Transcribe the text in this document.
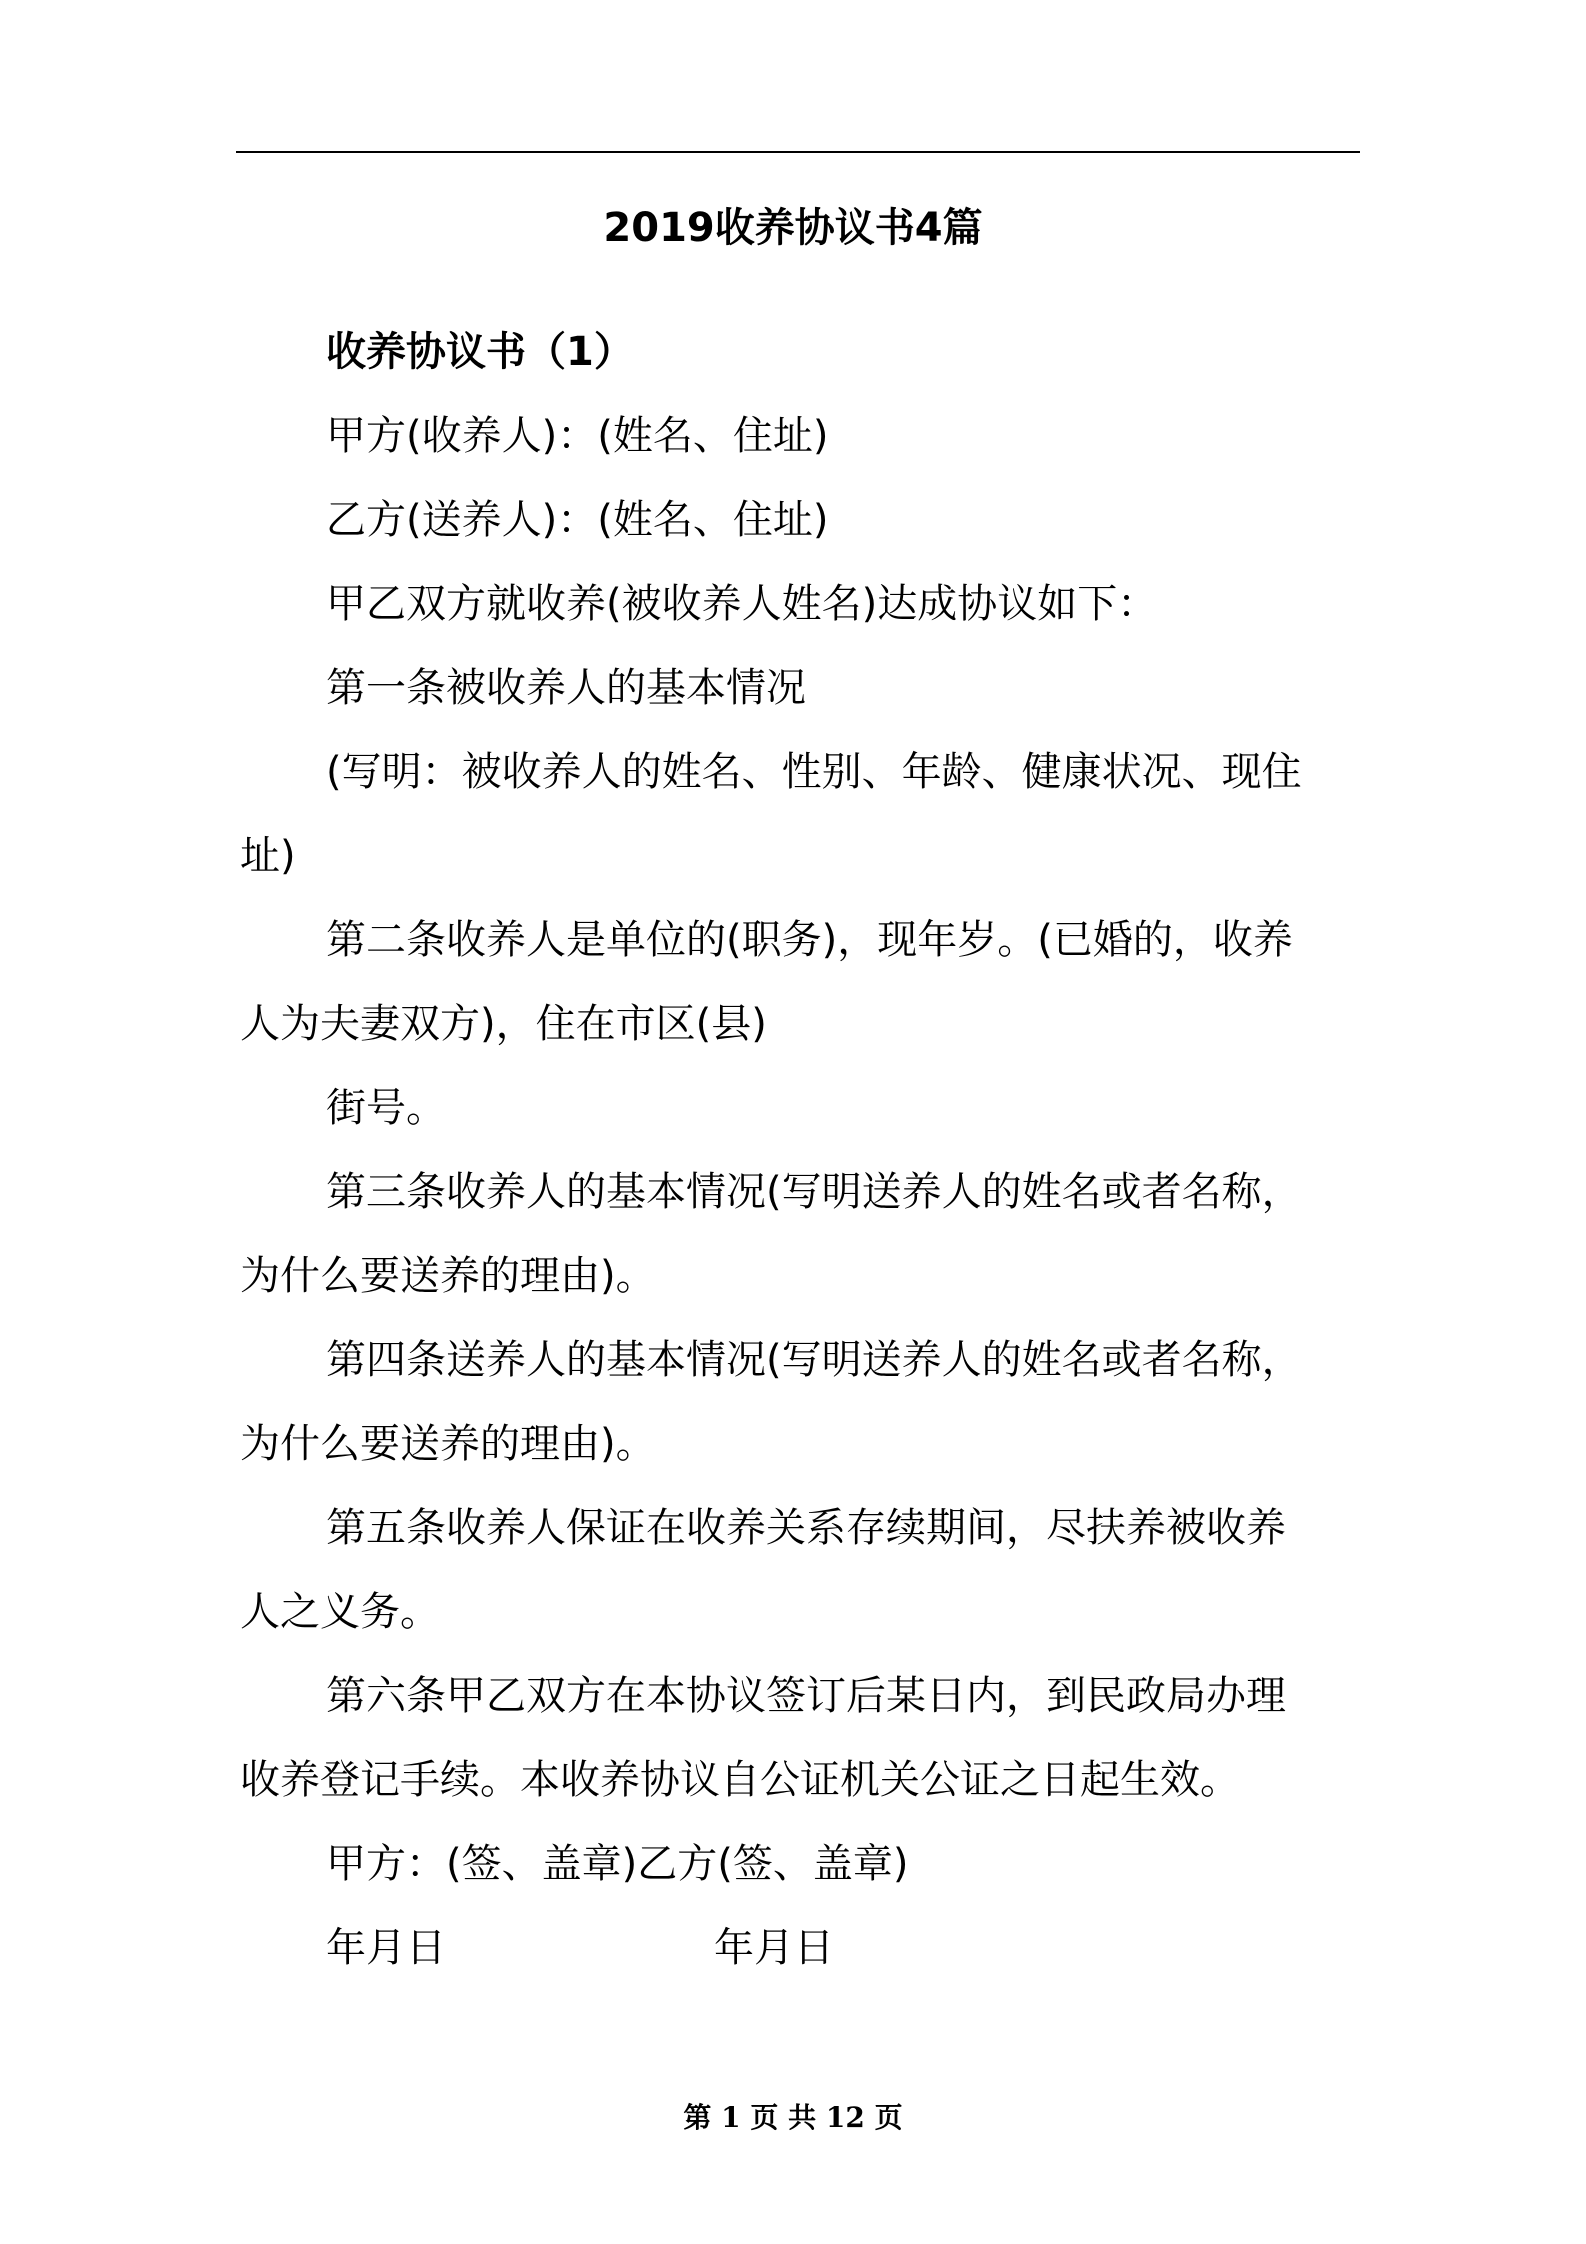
2019收养协议书4篇
收养协议书（1）
甲方(收养人)：(姓名、住址)
乙方(送养人)：(姓名、住址)
甲乙双方就收养(被收养人姓名)达成协议如下：
第一条被收养人的基本情况
(写明：被收养人的姓名、性别、年龄、健康状况、现住
址)
第二条收养人是单位的(职务)，现年岁。(已婚的，收养
人为夫妻双方)，住在市区(县)
街号。
第三条收养人的基本情况(写明送养人的姓名或者名称，
为什么要送养的理由)。
第四条送养人的基本情况(写明送养人的姓名或者名称，
为什么要送养的理由)。
第五条收养人保证在收养关系存续期间，尽扶养被收养
人之义务。
第六条甲乙双方在本协议签订后某日内，到民政局办理
收养登记手续。本收养协议自公证机关公证之日起生效。
甲方：(签、盖章)乙方(签、盖章)
年月日	年月日
第 1 页 共 12 页
